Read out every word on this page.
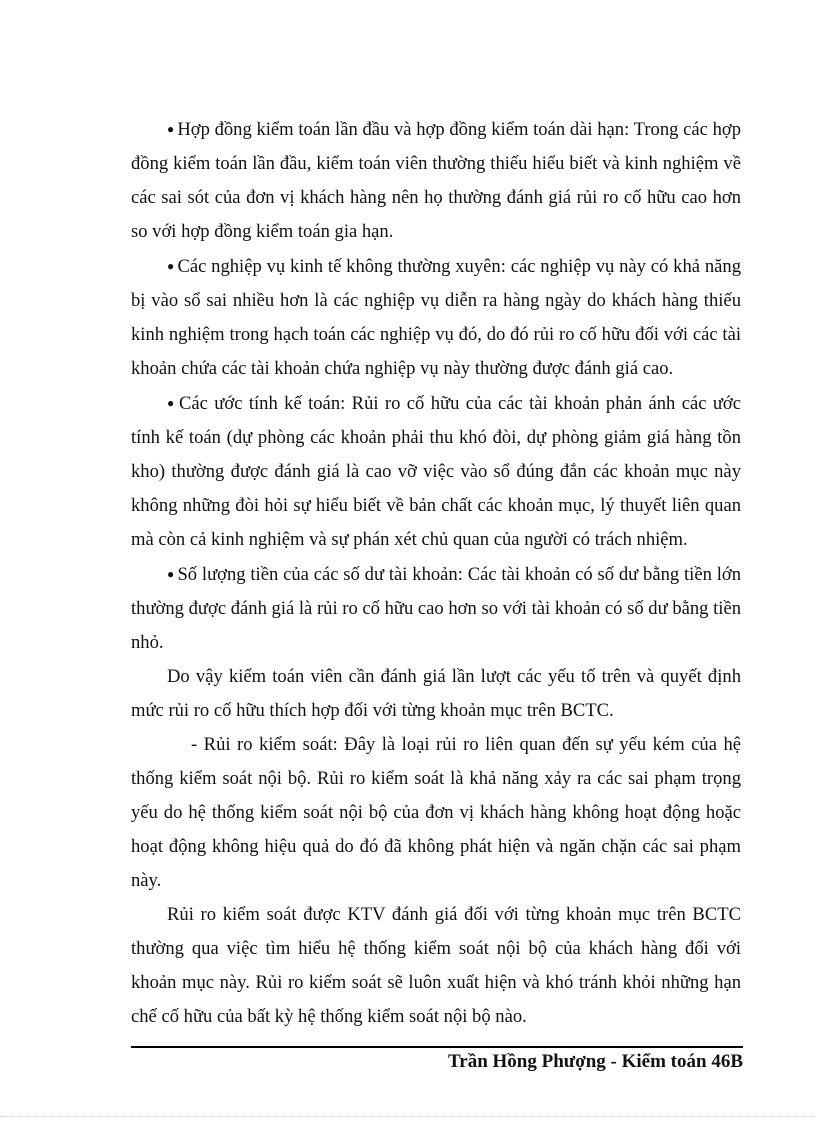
● Hợp đồng kiểm toán lần đầu và hợp đồng kiểm toán dài hạn: Trong các hợp đồng kiểm toán lần đầu, kiểm toán viên thường thiếu hiểu biết và kinh nghiệm về các sai sót của đơn vị khách hàng nên họ thường đánh giá rủi ro cố hữu cao hơn so với hợp đồng kiểm toán gia hạn.

● Các nghiệp vụ kinh tế không thường xuyên: các nghiệp vụ này có khả năng bị vào sổ sai nhiều hơn là các nghiệp vụ diễn ra hàng ngày do khách hàng thiếu kinh nghiệm trong hạch toán các nghiệp vụ đó, do đó rủi ro cố hữu đối với các tài khoản chứa các tài khoản chứa nghiệp vụ này thường được đánh giá cao.

● Các ước tính kế toán: Rủi ro cố hữu của các tài khoản phản ánh các ước tính kế toán (dự phòng các khoản phải thu khó đòi, dự phòng giảm giá hàng tồn kho) thường được đánh giá là cao vỡ việc vào sổ đúng đắn các khoản mục này không những đòi hỏi sự hiểu biết về bản chất các khoản mục, lý thuyết liên quan mà còn cả kinh nghiệm và sự phán xét chủ quan của người có trách nhiệm.

● Số lượng tiền của các số dư tài khoản: Các tài khoản có số dư bằng tiền lớn thường được đánh giá là rủi ro cố hữu cao hơn so với tài khoản có số dư bằng tiền nhỏ.

Do vậy kiểm toán viên cần đánh giá lần lượt các yếu tố trên và quyết định mức rủi ro cố hữu thích hợp đối với từng khoản mục trên BCTC.

- Rủi ro kiểm soát: Đây là loại rủi ro liên quan đến sự yếu kém của hệ thống kiểm soát nội bộ. Rủi ro kiểm soát là khả năng xảy ra các sai phạm trọng yếu do hệ thống kiểm soát nội bộ của đơn vị khách hàng không hoạt động hoặc hoạt động không hiệu quả do đó đã không phát hiện và ngăn chặn các sai phạm này.

Rủi ro kiểm soát được KTV đánh giá đối với từng khoản mục trên BCTC thường qua việc tìm hiểu hệ thống kiểm soát nội bộ của khách hàng đối với khoản mục này. Rủi ro kiểm soát sẽ luôn xuất hiện và khó tránh khỏi những hạn chế cố hữu của bất kỳ hệ thống kiểm soát nội bộ nào.

Trần Hồng Phượng - Kiểm toán 46B
